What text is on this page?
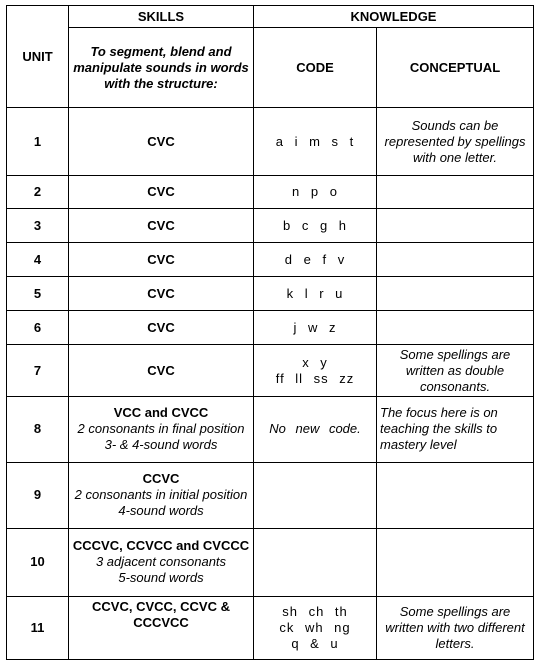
UNIT	SKILLS	KNOWLEDGE	
	To segment, blend and manipulate sounds in words with the structure:	CODE	CONCEPTUAL
1	CVC	a i m s t	Sounds can be represented by spellings with one letter.
2	CVC	n p o	

3	CVC	b c g h	

4	CVC	d e f v	

5	CVC	k l r u	

6	CVC	j w z	

7	CVC	x y
ff ll ss zz	Some spellings are written as double consonants.
8	VCC and CVCC
2 consonants in final position
3- & 4-sound words	No new code.	The focus here is on teaching the skills to mastery level
9	CCVC
2 consonants in initial position
4-sound words		

10	CCCVC, CCVCC and CVCCC
3 adjacent consonants
5-sound words		

11	CCVC, CVCC, CCVC &
CCCVCC	sh ch th
ck wh ng
q & u	Some spellings are written with two different letters.
